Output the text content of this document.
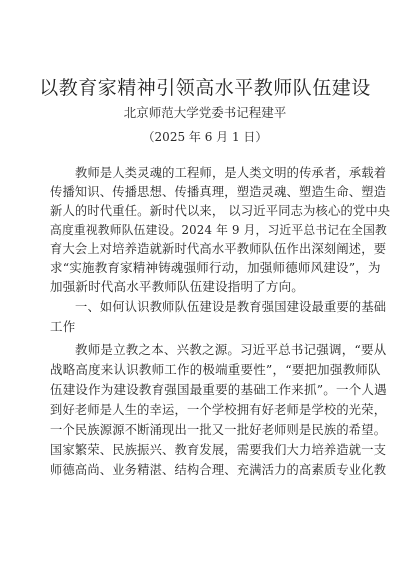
以教育家精神引领高水平教师队伍建设
北京师范大学党委书记程建平
（2025 年 6 月 1 日）
教师是人类灵魂的工程师，是人类文明的传承者，承载着
传播知识、传播思想、传播真理，塑造灵魂、塑造生命、塑造
新人的时代重任。新时代以来， 以习近平同志为核心的党中央
高度重视教师队伍建设。2024 年 9 月，习近平总书记在全国教
育大会上对培养造就新时代高水平教师队伍作出深刻阐述，要
求“实施教育家精神铸魂强师行动，加强师德师风建设”，为
加强新时代高水平教师队伍建设指明了方向。
一、如何认识教师队伍建设是教育强国建设最重要的基础
工作
教师是立教之本、兴教之源。习近平总书记强调，“要从
战略高度来认识教师工作的极端重要性”，“要把加强教师队
伍建设作为建设教育强国最重要的基础工作来抓”。一个人遇
到好老师是人生的幸运，一个学校拥有好老师是学校的光荣，
一个民族源源不断涌现出一批又一批好老师则是民族的希望。
国家繁荣、民族振兴、教育发展，需要我们大力培养造就一支
师德高尚、业务精湛、结构合理、充满活力的高素质专业化教
